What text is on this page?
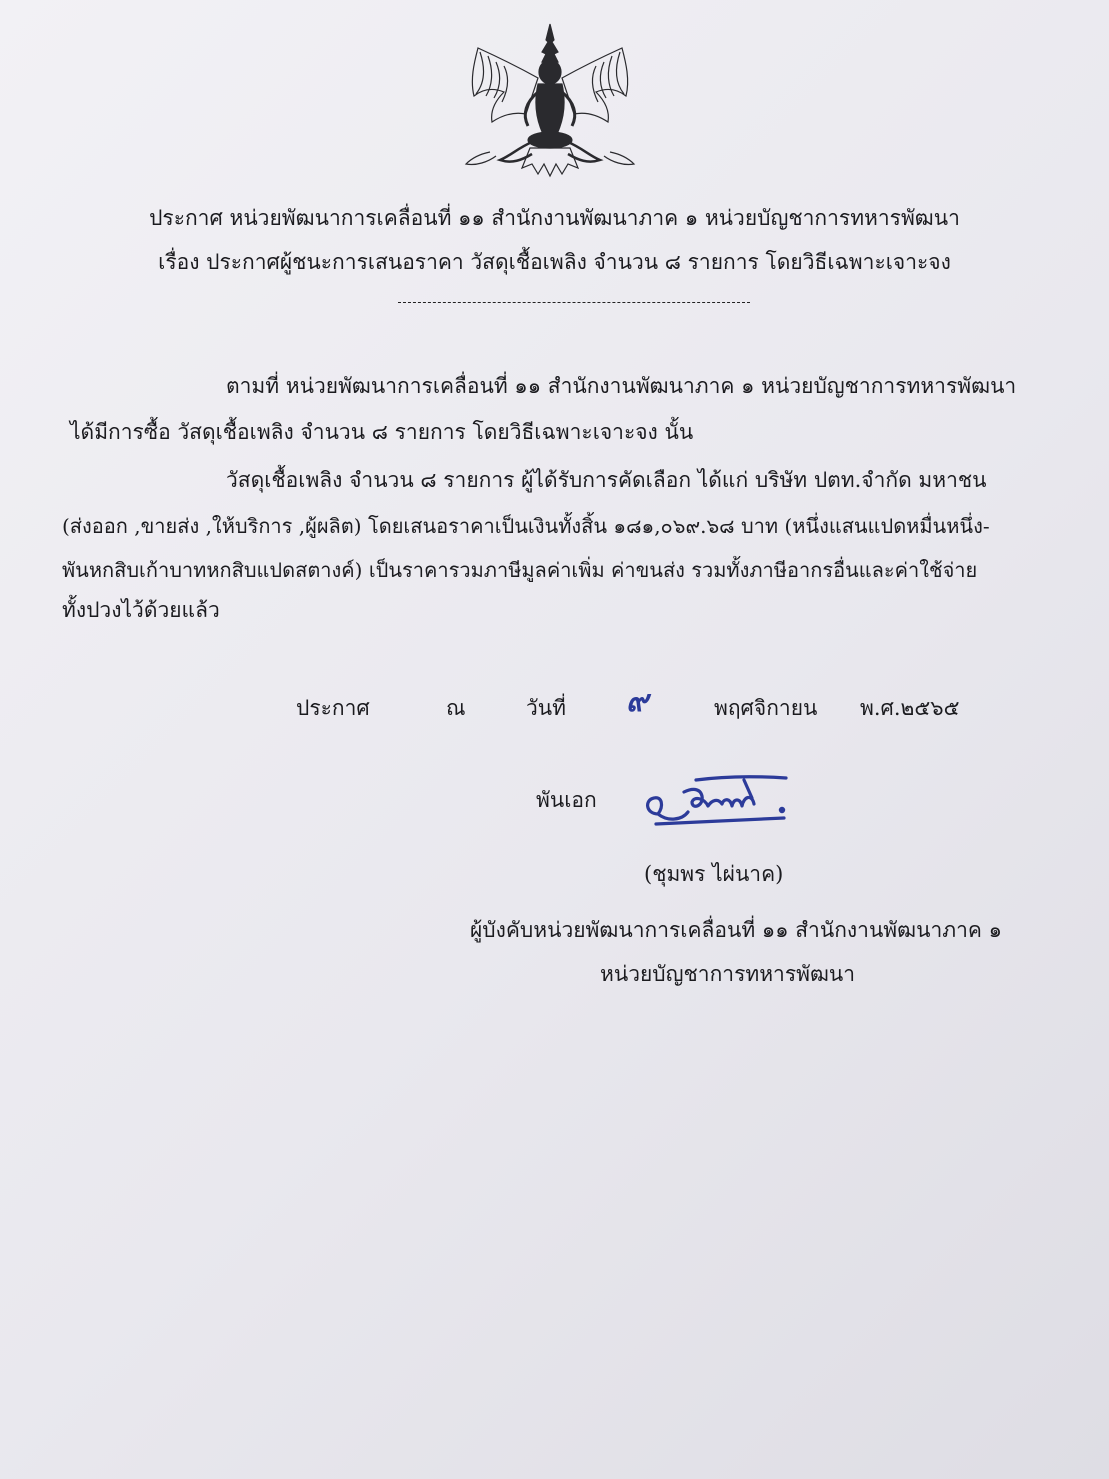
ประกาศ หน่วยพัฒนาการเคลื่อนที่ ๑๑ สำนักงานพัฒนาภาค ๑ หน่วยบัญชาการทหารพัฒนา
เรื่อง ประกาศผู้ชนะการเสนอราคา วัสดุเชื้อเพลิง จำนวน ๘ รายการ โดยวิธีเฉพาะเจาะจง
ตามที่ หน่วยพัฒนาการเคลื่อนที่ ๑๑ สำนักงานพัฒนาภาค ๑ หน่วยบัญชาการทหารพัฒนา
ได้มีการซื้อ วัสดุเชื้อเพลิง จำนวน ๘ รายการ โดยวิธีเฉพาะเจาะจง นั้น
วัสดุเชื้อเพลิง จำนวน ๘ รายการ ผู้ได้รับการคัดเลือก ได้แก่ บริษัท ปตท.จำกัด มหาชน
(ส่งออก ,ขายส่ง ,ให้บริการ ,ผู้ผลิต) โดยเสนอราคาเป็นเงินทั้งสิ้น ๑๘๑,๐๖๙.๖๘ บาท (หนึ่งแสนแปดหมื่นหนึ่ง-
พันหกสิบเก้าบาทหกสิบแปดสตางค์) เป็นราคารวมภาษีมูลค่าเพิ่ม ค่าขนส่ง รวมทั้งภาษีอากรอื่นและค่าใช้จ่าย
ทั้งปวงไว้ด้วยแล้ว
ประกาศ	ณ	วันที่ ๙	พฤศจิกายน พ.ศ.๒๕๖๕
พันเอก
(ชุมพร ไผ่นาค)
ผู้บังคับหน่วยพัฒนาการเคลื่อนที่ ๑๑ สำนักงานพัฒนาภาค ๑
หน่วยบัญชาการทหารพัฒนา
